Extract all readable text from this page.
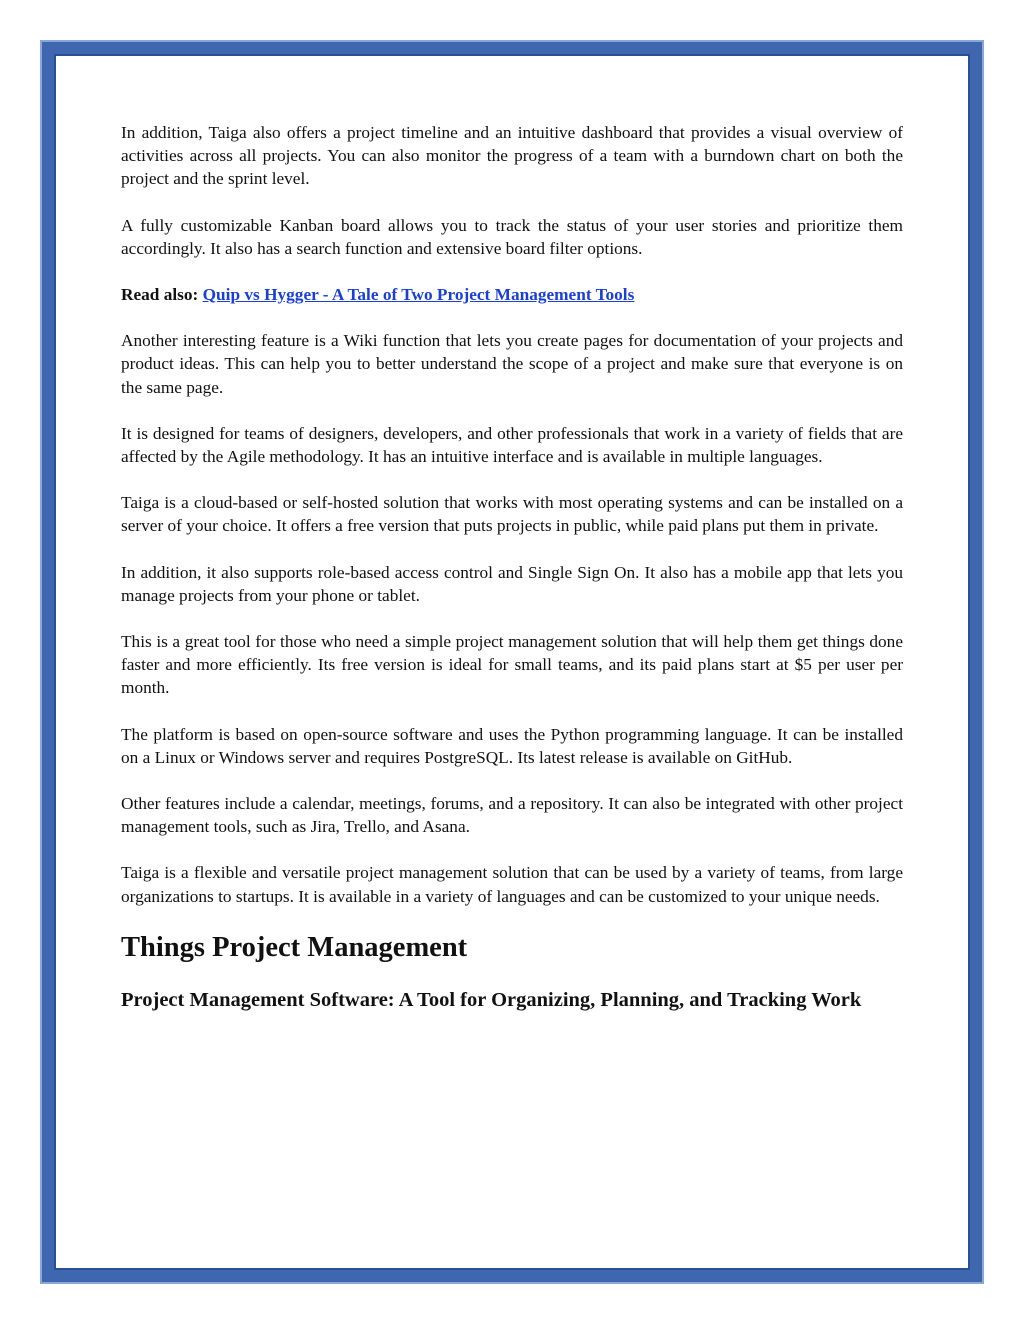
In addition, Taiga also offers a project timeline and an intuitive dashboard that provides a visual overview of activities across all projects. You can also monitor the progress of a team with a burndown chart on both the project and the sprint level.

A fully customizable Kanban board allows you to track the status of your user stories and prioritize them accordingly. It also has a search function and extensive board filter options.

Read also: Quip vs Hygger - A Tale of Two Project Management Tools

Another interesting feature is a Wiki function that lets you create pages for documentation of your projects and product ideas. This can help you to better understand the scope of a project and make sure that everyone is on the same page.

It is designed for teams of designers, developers, and other professionals that work in a variety of fields that are affected by the Agile methodology. It has an intuitive interface and is available in multiple languages.

Taiga is a cloud-based or self-hosted solution that works with most operating systems and can be installed on a server of your choice. It offers a free version that puts projects in public, while paid plans put them in private.

In addition, it also supports role-based access control and Single Sign On. It also has a mobile app that lets you manage projects from your phone or tablet.

This is a great tool for those who need a simple project management solution that will help them get things done faster and more efficiently. Its free version is ideal for small teams, and its paid plans start at $5 per user per month.

The platform is based on open-source software and uses the Python programming language. It can be installed on a Linux or Windows server and requires PostgreSQL. Its latest release is available on GitHub.

Other features include a calendar, meetings, forums, and a repository. It can also be integrated with other project management tools, such as Jira, Trello, and Asana.

Taiga is a flexible and versatile project management solution that can be used by a variety of teams, from large organizations to startups. It is available in a variety of languages and can be customized to your unique needs.

Things Project Management
Project Management Software: A Tool for Organizing, Planning, and Tracking Work
